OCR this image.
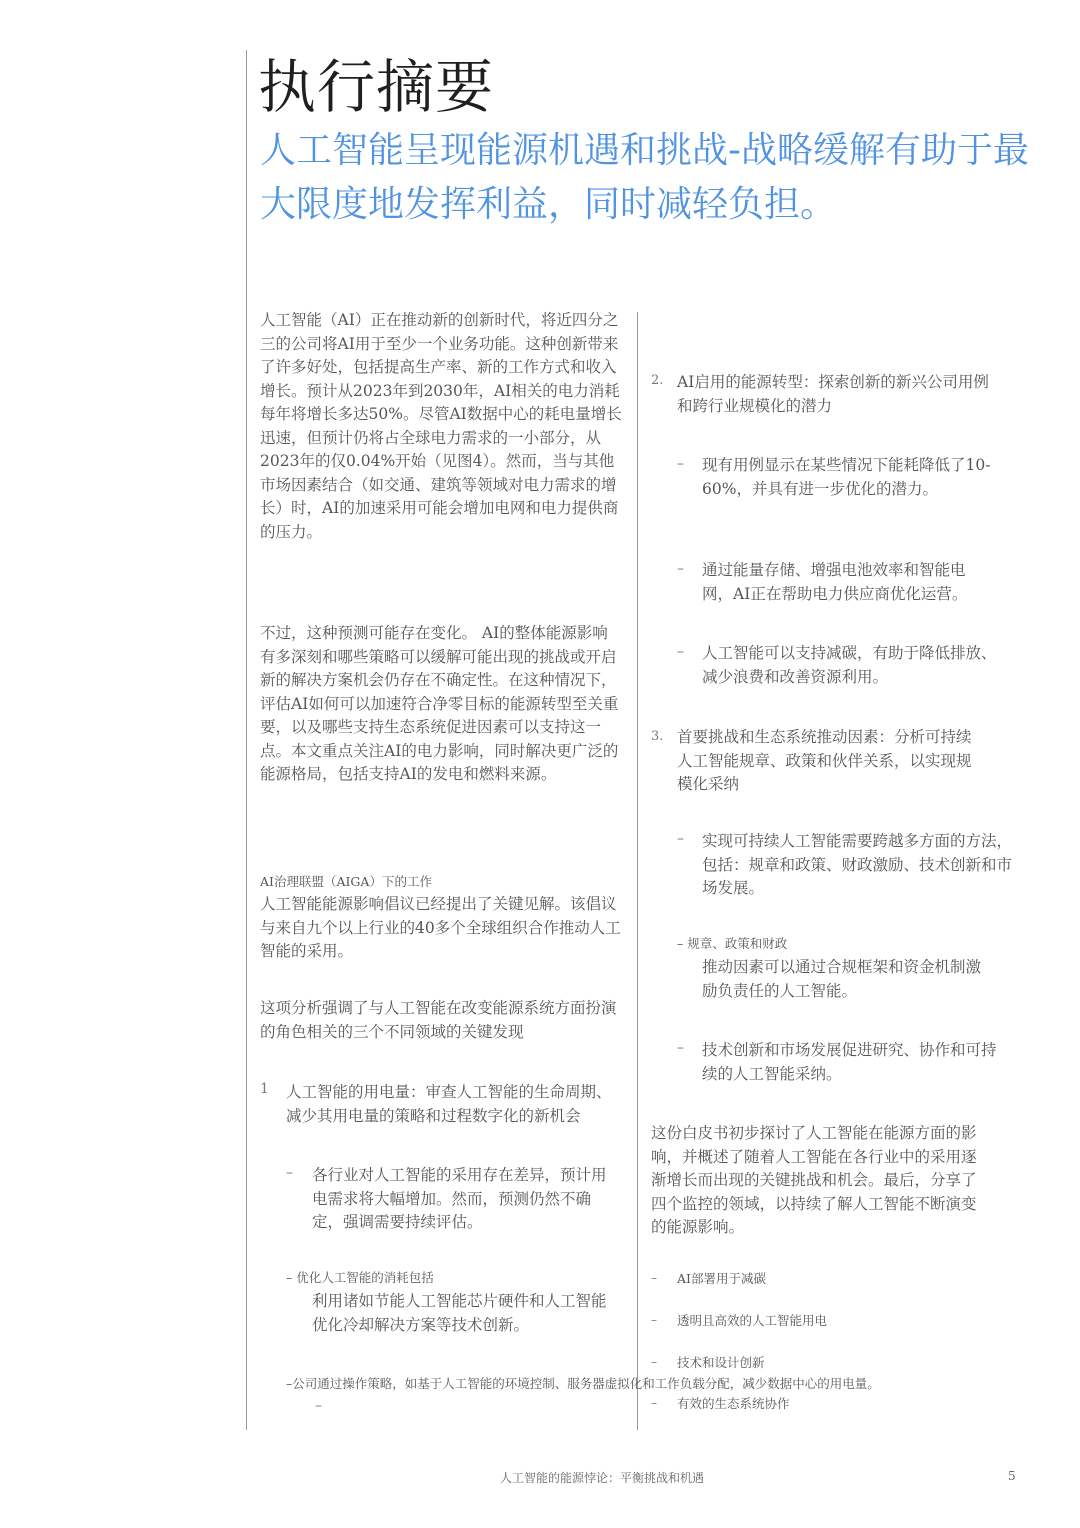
执行摘要
人工智能呈现能源机遇和挑战-战略缓解有助于最大限度地发挥利益，同时减轻负担。
人工智能（AI）正在推动新的创新时代，将近四分之三的公司将AI用于至少一个业务功能。这种创新带来了许多好处，包括提高生产率、新的工作方式和收入增长。预计从2023年到2030年，AI相关的电力消耗每年将增长多达50%。尽管AI数据中心的耗电量增长迅速，但预计仍将占全球电力需求的一小部分，从2023年的仅0.04%开始（见图4）。然而，当与其他市场因素结合（如交通、建筑等领域对电力需求的增长）时，AI的加速采用可能会增加电网和电力提供商的压力。
不过，这种预测可能存在变化。 AI的整体能源影响有多深刻和哪些策略可以缓解可能出现的挑战或开启新的解决方案机会仍存在不确定性。在这种情况下，评估AI如何可以加速符合净零目标的能源转型至关重要，以及哪些支持生态系统促进因素可以支持这一点。本文重点关注AI的电力影响，同时解决更广泛的能源格局，包括支持AI的发电和燃料来源。
AI治理联盟（AIGA）下的工作
人工智能能源影响倡议已经提出了关键见解。该倡议与来自九个以上行业的40多个全球组织合作推动人工智能的采用。
这项分析强调了与人工智能在改变能源系统方面扮演的角色相关的三个不同领域的关键发现
1 人工智能的用电量：审查人工智能的生命周期、减少其用电量的策略和过程数字化的新机会
– 各行业对人工智能的采用存在差异，预计用电需求将大幅增加。然而，预测仍然不确定，强调需要持续评估。
– 优化人工智能的消耗包括
利用诸如节能人工智能芯片硬件和人工智能优化冷却解决方案等技术创新。
–公司通过操作策略，如基于人工智能的环境控制、服务器虚拟化和工作负载分配，减少数据中心的用电量。
–
2. AI启用的能源转型：探索创新的新兴公司用例和跨行业规模化的潜力
– 现有用例显示在某些情况下能耗降低了10-60%，并具有进一步优化的潜力。
– 通过能量存储、增强电池效率和智能电网，AI正在帮助电力供应商优化运营。
– 人工智能可以支持减碳，有助于降低排放、减少浪费和改善资源利用。
3. 首要挑战和生态系统推动因素：分析可持续人工智能规章、政策和伙伴关系，以实现规模化采纳
– 实现可持续人工智能需要跨越多方面的方法，包括：规章和政策、财政激励、技术创新和市场发展。
– 规章、政策和财政
推动因素可以通过合规框架和资金机制激励负责任的人工智能。
– 技术创新和市场发展促进研究、协作和可持续的人工智能采纳。
这份白皮书初步探讨了人工智能在能源方面的影响，并概述了随着人工智能在各行业中的采用逐渐增长而出现的关键挑战和机会。最后，分享了四个监控的领域，以持续了解人工智能不断演变的能源影响。
– AI部署用于减碳
– 透明且高效的人工智能用电
– 技术和设计创新
– 有效的生态系统协作
人工智能的能源悖论：平衡挑战和机遇	5
